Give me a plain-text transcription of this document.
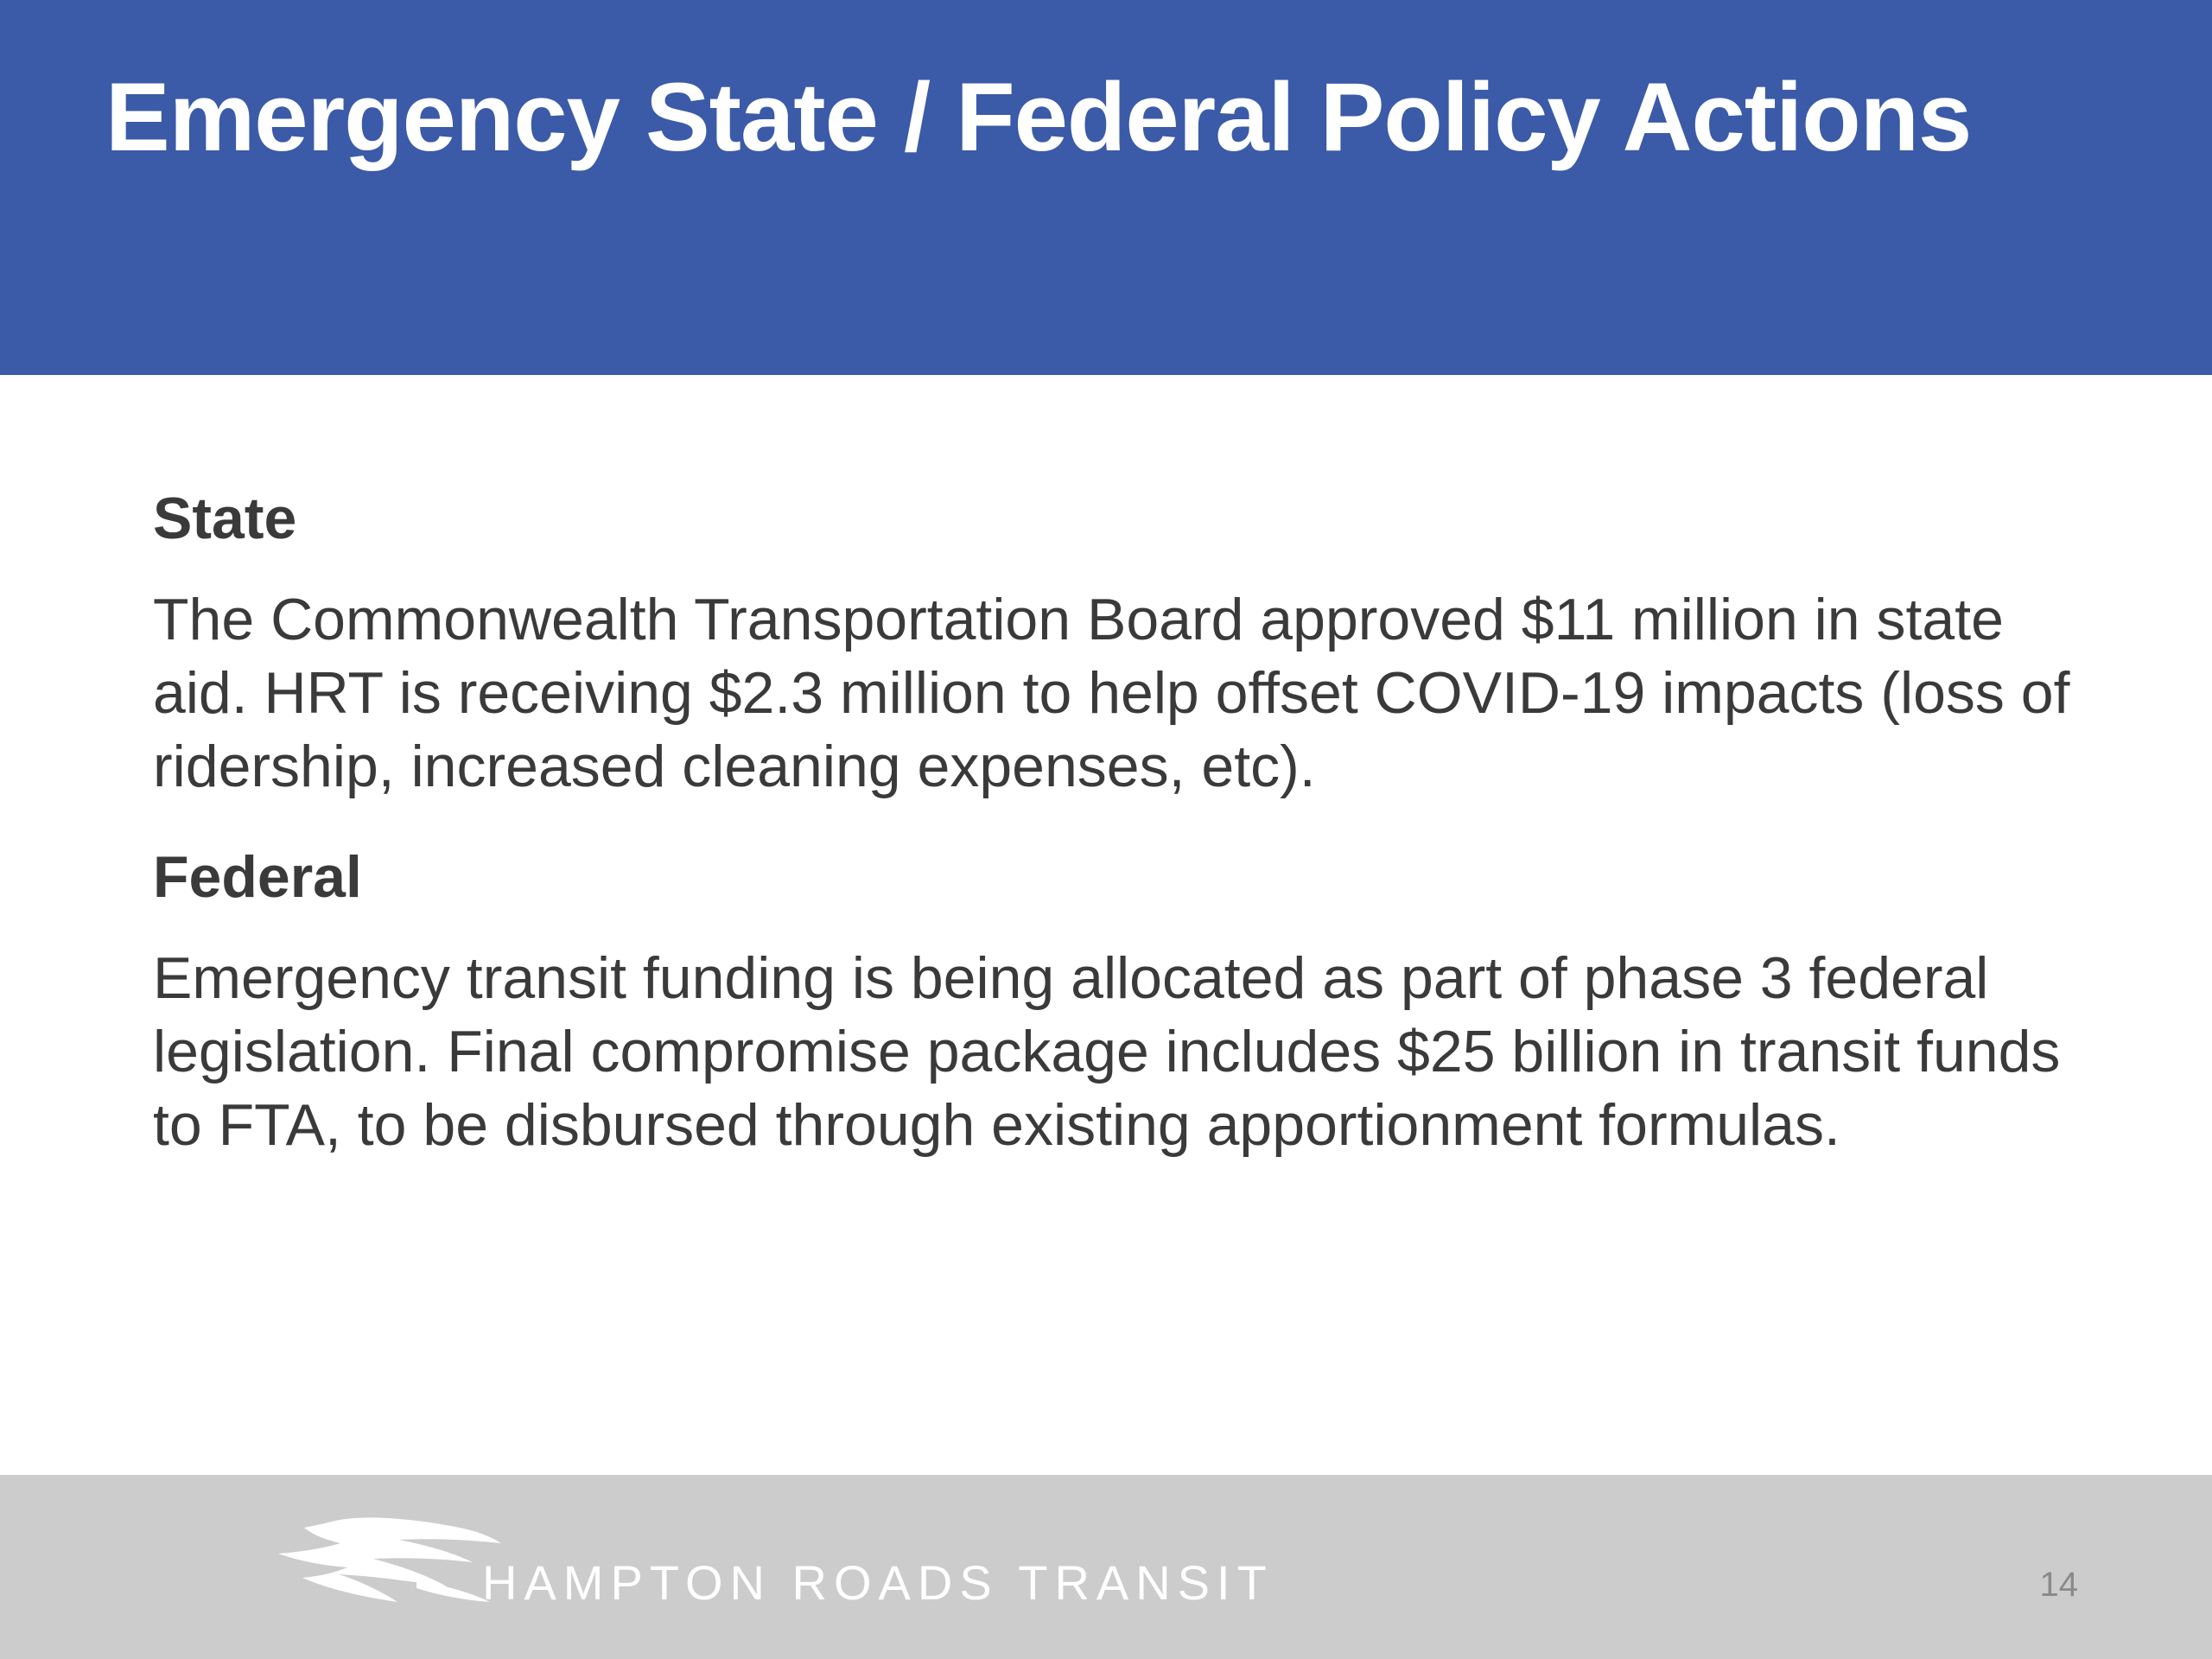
Emergency State / Federal Policy Actions
State

The Commonwealth Transportation Board approved $11 million in state aid. HRT is receiving $2.3 million to help offset COVID-19 impacts (loss of ridership, increased cleaning expenses, etc).

Federal

Emergency transit funding is being allocated as part of phase 3 federal legislation. Final compromise package includes $25 billion in transit funds to FTA, to be disbursed through existing apportionment formulas.

HAMPTON ROADS TRANSIT	14
